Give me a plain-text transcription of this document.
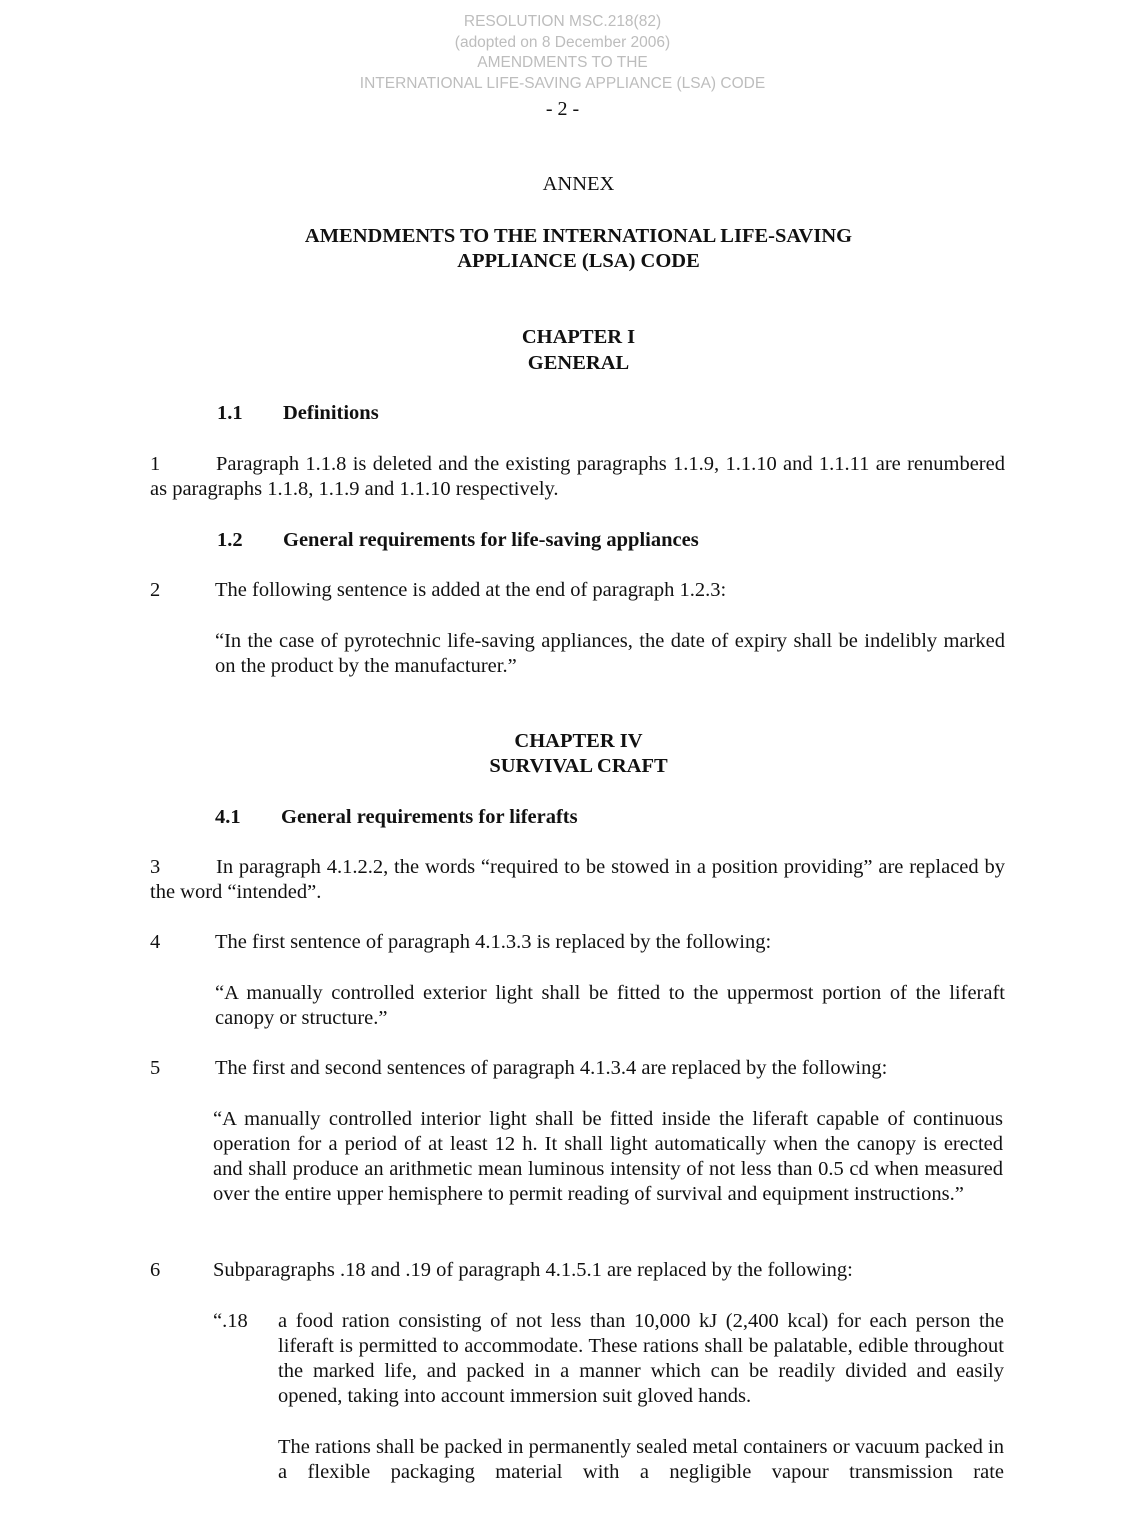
RESOLUTION MSC.218(82)
(adopted on 8 December 2006)
AMENDMENTS TO THE
INTERNATIONAL LIFE-SAVING APPLIANCE (LSA) CODE
- 2 -
ANNEX
AMENDMENTS TO THE INTERNATIONAL LIFE-SAVING
APPLIANCE (LSA) CODE
CHAPTER I
GENERAL
1.1 Definitions
1	Paragraph 1.1.8 is deleted and the existing paragraphs 1.1.9, 1.1.10 and 1.1.11 are renumbered as paragraphs 1.1.8, 1.1.9 and 1.1.10 respectively.
1.2 General requirements for life-saving appliances
2	The following sentence is added at the end of paragraph 1.2.3:
“In the case of pyrotechnic life-saving appliances, the date of expiry shall be indelibly marked on the product by the manufacturer.”
CHAPTER IV
SURVIVAL CRAFT
4.1 General requirements for liferafts
3	In paragraph 4.1.2.2, the words “required to be stowed in a position providing” are replaced by the word “intended”.
4	The first sentence of paragraph 4.1.3.3 is replaced by the following:
“A manually controlled exterior light shall be fitted to the uppermost portion of the liferaft canopy or structure.”
5	The first and second sentences of paragraph 4.1.3.4 are replaced by the following:
“A manually controlled interior light shall be fitted inside the liferaft capable of continuous operation for a period of at least 12 h. It shall light automatically when the canopy is erected and shall produce an arithmetic mean luminous intensity of not less than 0.5 cd when measured over the entire upper hemisphere to permit reading of survival and equipment instructions.”
6	Subparagraphs .18 and .19 of paragraph 4.1.5.1 are replaced by the following:
“.18 a food ration consisting of not less than 10,000 kJ (2,400 kcal) for each person the liferaft is permitted to accommodate. These rations shall be palatable, edible throughout the marked life, and packed in a manner which can be readily divided and easily opened, taking into account immersion suit gloved hands.
The rations shall be packed in permanently sealed metal containers or vacuum packed in a flexible packaging material with a negligible vapour transmission rate
